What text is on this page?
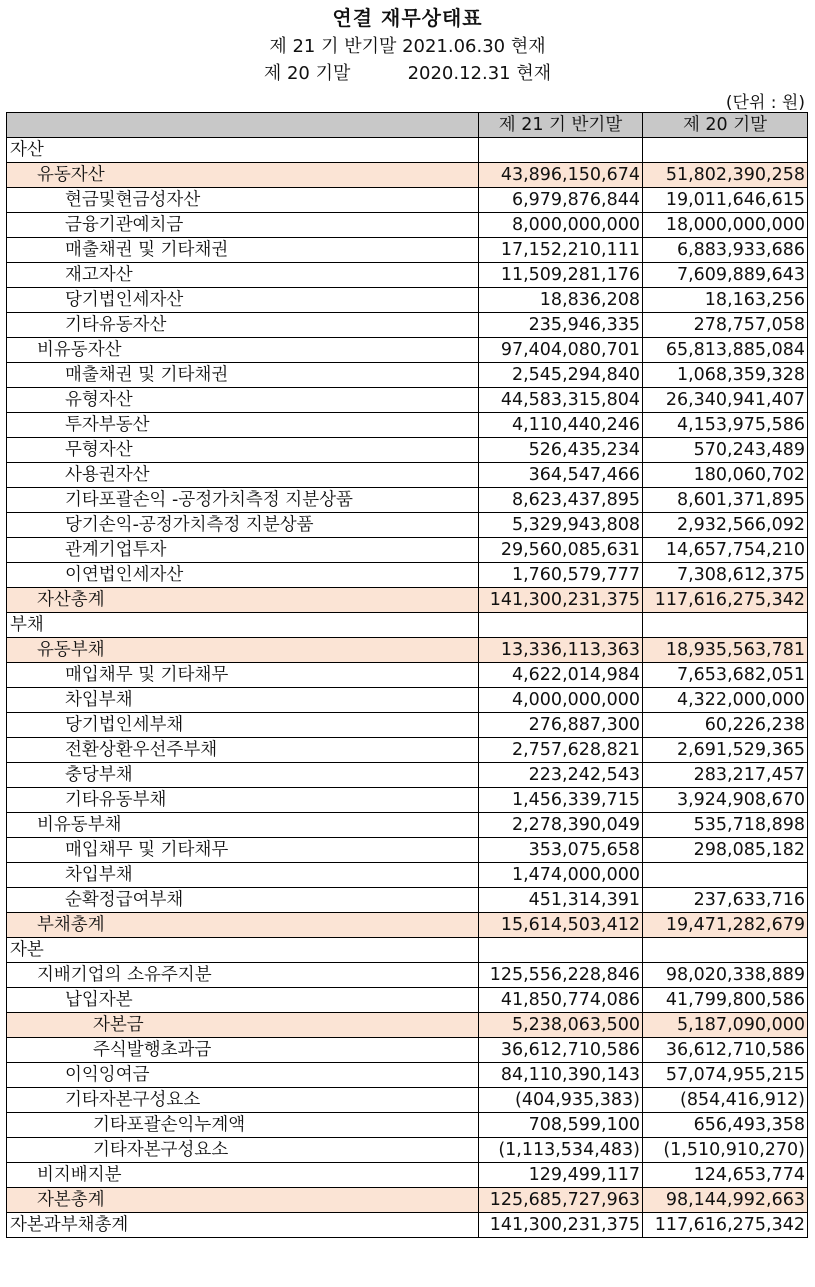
연결 재무상태표
제 21 기 반기말 2021.06.30 현재
제 20 기말          2020.12.31 현재
(단위 : 원)
	제 21 기 반기말	제 20 기말
자산		
유동자산	43,896,150,674	51,802,390,258
현금및현금성자산	6,979,876,844	19,011,646,615
금융기관예치금	8,000,000,000	18,000,000,000
매출채권 및 기타채권	17,152,210,111	6,883,933,686
재고자산	11,509,281,176	7,609,889,643
당기법인세자산	18,836,208	18,163,256
기타유동자산	235,946,335	278,757,058
비유동자산	97,404,080,701	65,813,885,084
매출채권 및 기타채권	2,545,294,840	1,068,359,328
유형자산	44,583,315,804	26,340,941,407
투자부동산	4,110,440,246	4,153,975,586
무형자산	526,435,234	570,243,489
사용권자산	364,547,466	180,060,702
기타포괄손익 -공정가치측정 지분상품	8,623,437,895	8,601,371,895
당기손익-공정가치측정 지분상품	5,329,943,808	2,932,566,092
관계기업투자	29,560,085,631	14,657,754,210
이연법인세자산	1,760,579,777	7,308,612,375
자산총계	141,300,231,375	117,616,275,342
부채		
유동부채	13,336,113,363	18,935,563,781
매입채무 및 기타채무	4,622,014,984	7,653,682,051
차입부채	4,000,000,000	4,322,000,000
당기법인세부채	276,887,300	60,226,238
전환상환우선주부채	2,757,628,821	2,691,529,365
충당부채	223,242,543	283,217,457
기타유동부채	1,456,339,715	3,924,908,670
비유동부채	2,278,390,049	535,718,898
매입채무 및 기타채무	353,075,658	298,085,182
차입부채	1,474,000,000	
순확정급여부채	451,314,391	237,633,716
부채총계	15,614,503,412	19,471,282,679
자본		
지배기업의 소유주지분	125,556,228,846	98,020,338,889
납입자본	41,850,774,086	41,799,800,586
자본금	5,238,063,500	5,187,090,000
주식발행초과금	36,612,710,586	36,612,710,586
이익잉여금	84,110,390,143	57,074,955,215
기타자본구성요소	(404,935,383)	(854,416,912)
기타포괄손익누계액	708,599,100	656,493,358
기타자본구성요소	(1,113,534,483)	(1,510,910,270)
비지배지분	129,499,117	124,653,774
자본총계	125,685,727,963	98,144,992,663
자본과부채총계	141,300,231,375	117,616,275,342
